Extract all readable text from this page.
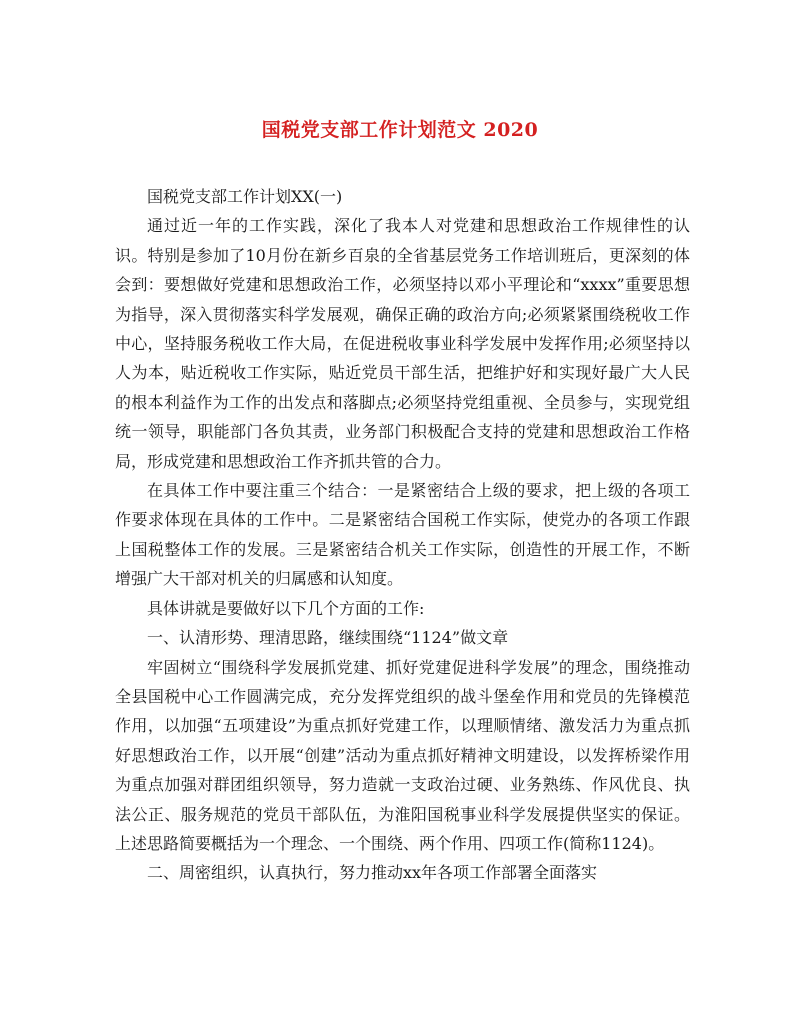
国税党支部工作计划范文 2020

国税党支部工作计划XX(一)

通过近一年的工作实践，深化了我本人对党建和思想政治工作规律性的认识。特别是参加了10月份在新乡百泉的全省基层党务工作培训班后，更深刻的体会到：要想做好党建和思想政治工作，必须坚持以邓小平理论和“xxxx”重要思想为指导，深入贯彻落实科学发展观，确保正确的政治方向;必须紧紧围绕税收工作中心，坚持服务税收工作大局，在促进税收事业科学发展中发挥作用;必须坚持以人为本，贴近税收工作实际，贴近党员干部生活，把维护好和实现好最广大人民的根本利益作为工作的出发点和落脚点;必须坚持党组重视、全员参与，实现党组统一领导，职能部门各负其责，业务部门积极配合支持的党建和思想政治工作格局，形成党建和思想政治工作齐抓共管的合力。

在具体工作中要注重三个结合：一是紧密结合上级的要求，把上级的各项工作要求体现在具体的工作中。二是紧密结合国税工作实际，使党办的各项工作跟上国税整体工作的发展。三是紧密结合机关工作实际，创造性的开展工作，不断增强广大干部对机关的归属感和认知度。

具体讲就是要做好以下几个方面的工作:

一、认清形势、理清思路，继续围绕“1124”做文章

牢固树立“围绕科学发展抓党建、抓好党建促进科学发展”的理念，围绕推动全县国税中心工作圆满完成，充分发挥党组织的战斗堡垒作用和党员的先锋模范作用，以加强“五项建设”为重点抓好党建工作，以理顺情绪、激发活力为重点抓好思想政治工作，以开展“创建”活动为重点抓好精神文明建设，以发挥桥梁作用为重点加强对群团组织领导，努力造就一支政治过硬、业务熟练、作风优良、执法公正、服务规范的党员干部队伍，为淮阳国税事业科学发展提供坚实的保证。上述思路简要概括为一个理念、一个围绕、两个作用、四项工作(简称1124)。

二、周密组织，认真执行，努力推动xx年各项工作部署全面落实
